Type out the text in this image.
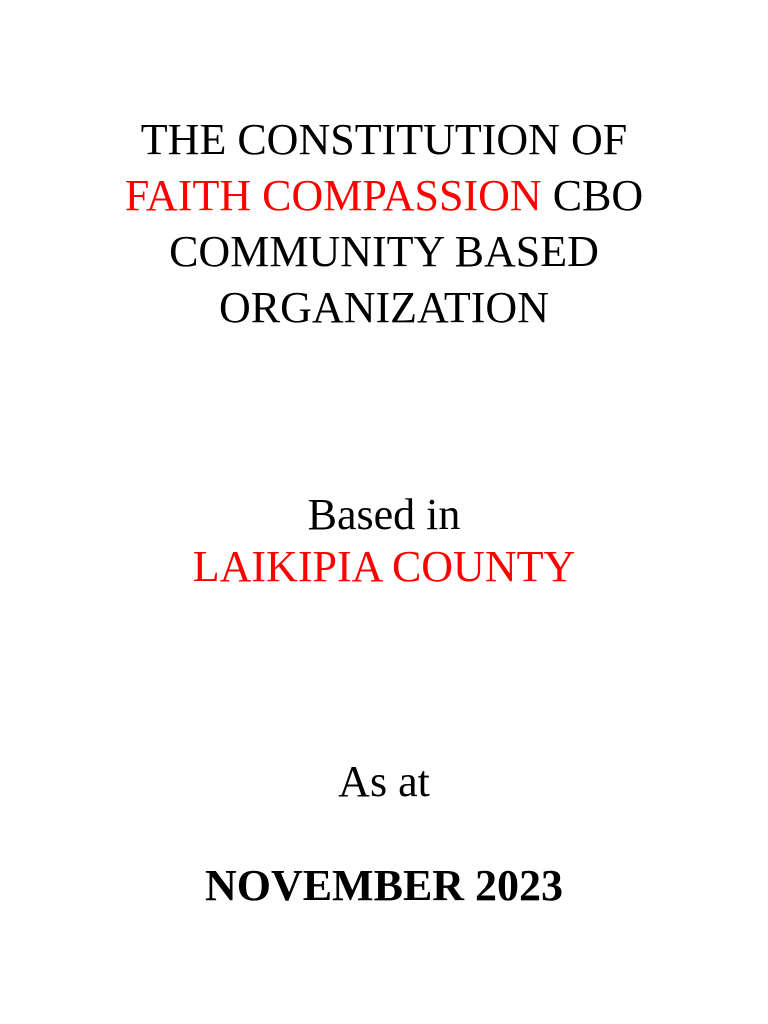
THE CONSTITUTION OF
FAITH COMPASSION CBO
COMMUNITY BASED
ORGANIZATION
Based in
LAIKIPIA COUNTY
As at
NOVEMBER 2023
